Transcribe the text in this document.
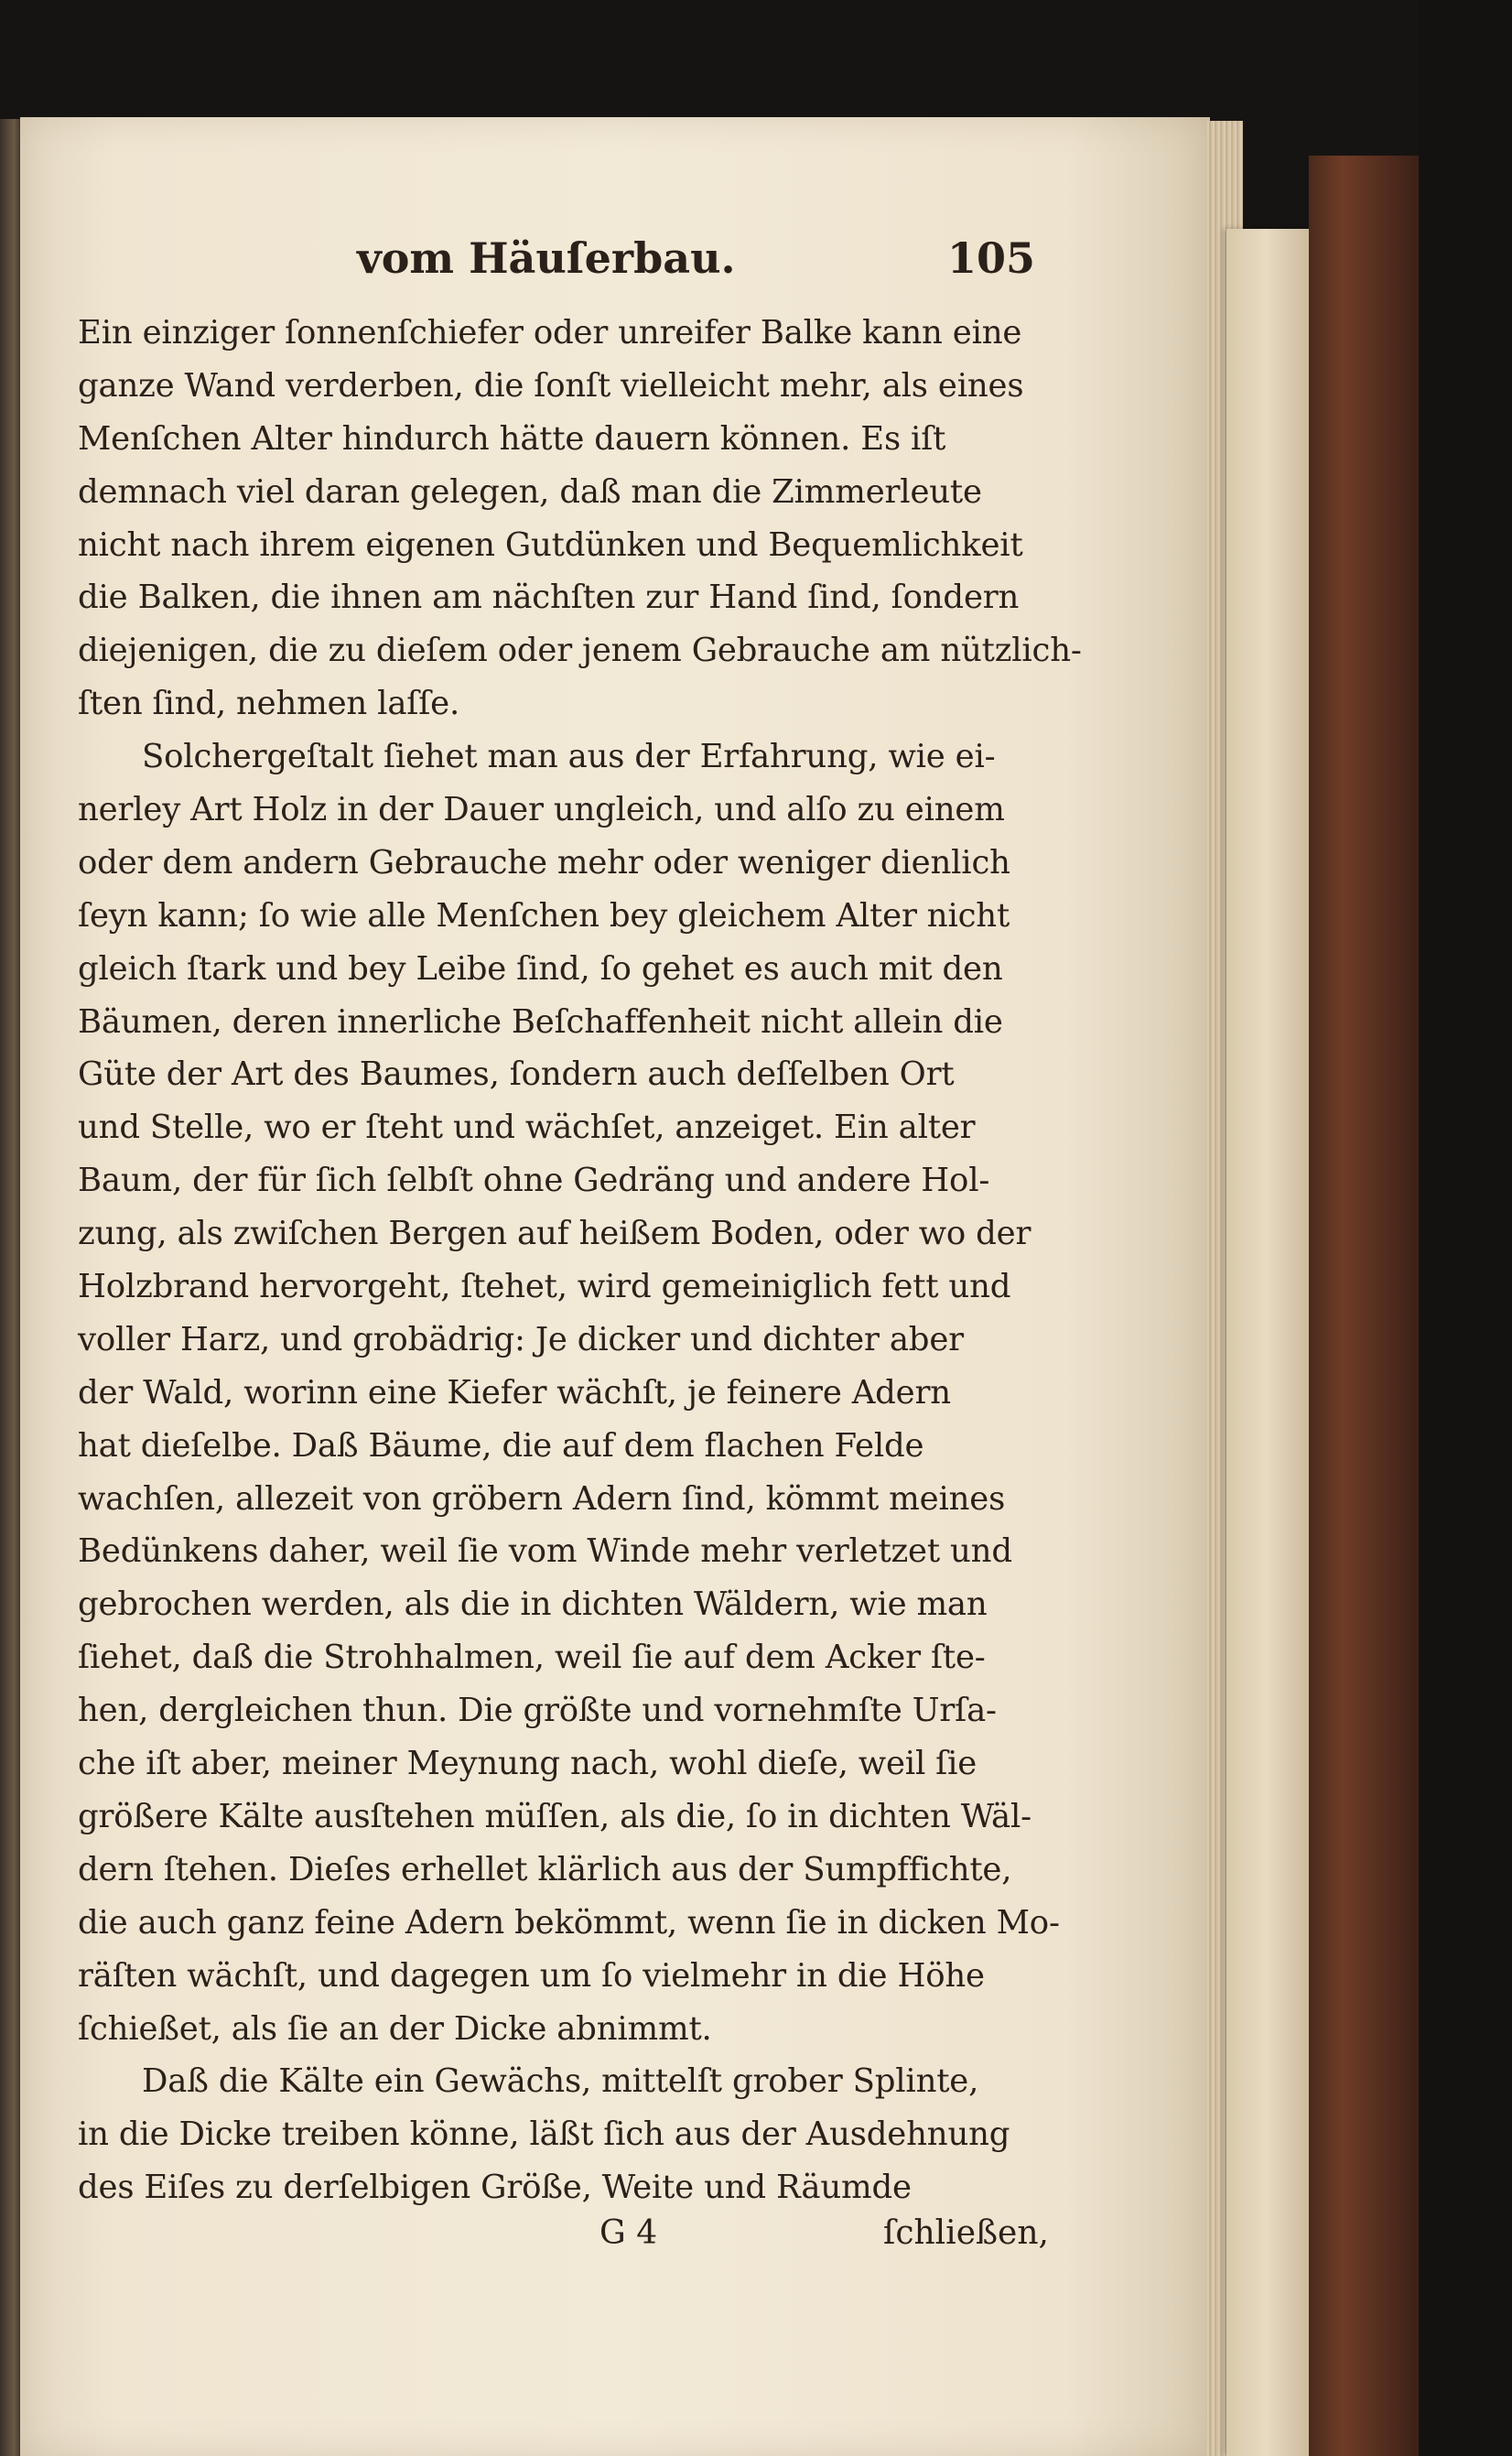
vom Häuſerbau.	105
Ein einziger ſonnenſchiefer oder unreifer Balke kann eine
ganze Wand verderben, die ſonſt vielleicht mehr, als eines
Menſchen Alter hindurch hätte dauern können. Es iſt
demnach viel daran gelegen, daß man die Zimmerleute
nicht nach ihrem eigenen Gutdünken und Bequemlichkeit
die Balken, die ihnen am nächſten zur Hand ſind, ſondern
diejenigen, die zu dieſem oder jenem Gebrauche am nützlich-
ſten ſind, nehmen laſſe.
Solchergeſtalt ſiehet man aus der Erfahrung, wie ei-
nerley Art Holz in der Dauer ungleich, und alſo zu einem
oder dem andern Gebrauche mehr oder weniger dienlich
ſeyn kann; ſo wie alle Menſchen bey gleichem Alter nicht
gleich ſtark und bey Leibe ſind, ſo gehet es auch mit den
Bäumen, deren innerliche Beſchaffenheit nicht allein die
Güte der Art des Baumes, ſondern auch deſſelben Ort
und Stelle, wo er ſteht und wächſet, anzeiget. Ein alter
Baum, der für ſich ſelbſt ohne Gedräng und andere Hol-
zung, als zwiſchen Bergen auf heißem Boden, oder wo der
Holzbrand hervorgeht, ſtehet, wird gemeiniglich fett und
voller Harz, und grobädrig: Je dicker und dichter aber
der Wald, worinn eine Kiefer wächſt, je feinere Adern
hat dieſelbe. Daß Bäume, die auf dem flachen Felde
wachſen, allezeit von gröbern Adern ſind, kömmt meines
Bedünkens daher, weil ſie vom Winde mehr verletzet und
gebrochen werden, als die in dichten Wäldern, wie man
ſiehet, daß die Strohhalmen, weil ſie auf dem Acker ſte-
hen, dergleichen thun. Die größte und vornehmſte Urſa-
che iſt aber, meiner Meynung nach, wohl dieſe, weil ſie
größere Kälte ausſtehen müſſen, als die, ſo in dichten Wäl-
dern ſtehen. Dieſes erhellet klärlich aus der Sumpffichte,
die auch ganz feine Adern bekömmt, wenn ſie in dicken Mo-
räſten wächſt, und dagegen um ſo vielmehr in die Höhe
ſchießet, als ſie an der Dicke abnimmt.
Daß die Kälte ein Gewächs, mittelſt grober Splinte,
in die Dicke treiben könne, läßt ſich aus der Ausdehnung
des Eiſes zu derſelbigen Größe, Weite und Räumde
G 4	ſchließen,
